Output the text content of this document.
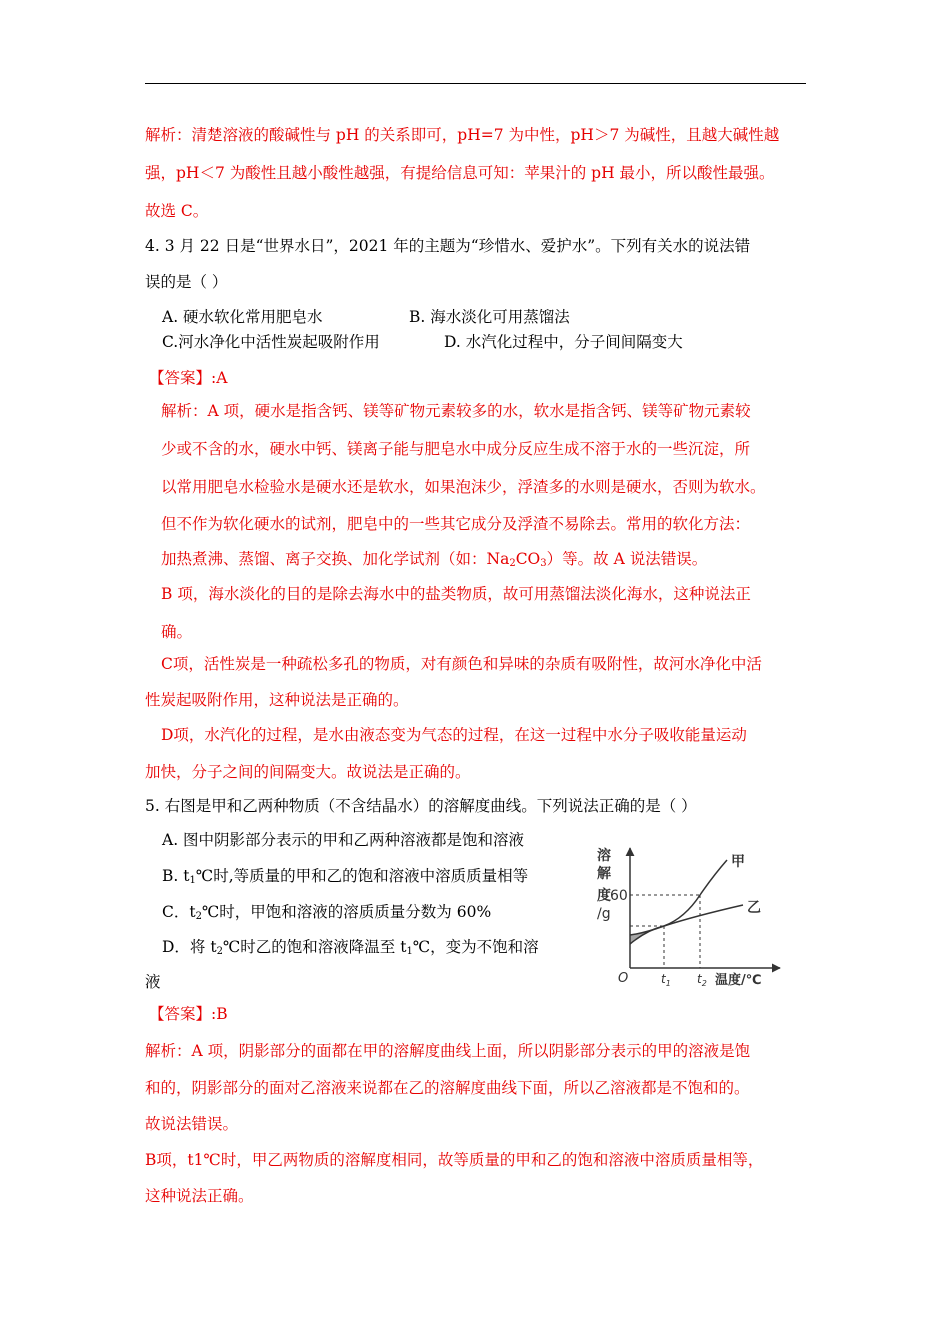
解析：清楚溶液的酸碱性与 pH 的关系即可，pH=7 为中性，pH＞7 为碱性，且越大碱性越
强，pH＜7 为酸性且越小酸性越强，有提给信息可知：苹果汁的 pH 最小，所以酸性最强。
故选 C。
4. 3 月 22 日是“世界水日”，2021 年的主题为“珍惜水、爱护水”。下列有关水的说法错
误的是（ ）
A. 硬水软化常用肥皂水	B. 海水淡化可用蒸馏法
C.河水净化中活性炭起吸附作用	D. 水汽化过程中，分子间间隔变大
【答案】:A
解析：A 项，硬水是指含钙、镁等矿物元素较多的水，软水是指含钙、镁等矿物元素较
少或不含的水，硬水中钙、镁离子能与肥皂水中成分反应生成不溶于水的一些沉淀，所
以常用肥皂水检验水是硬水还是软水，如果泡沫少，浮渣多的水则是硬水，否则为软水。
但不作为软化硬水的试剂，肥皂中的一些其它成分及浮渣不易除去。常用的软化方法：
加热煮沸、蒸馏、离子交换、加化学试剂（如：$Na_2CO_3$）等。故 A 说法错误。
B 项，海水淡化的目的是除去海水中的盐类物质，故可用蒸馏法淡化海水，这种说法正
确。
C项，活性炭是一种疏松多孔的物质，对有颜色和异味的杂质有吸附性，故河水净化中活
性炭起吸附作用，这种说法是正确的。
D项，水汽化的过程，是水由液态变为气态的过程，在这一过程中水分子吸收能量运动
加快，分子之间的间隔变大。故说法是正确的。
5. 右图是甲和乙两种物质（不含结晶水）的溶解度曲线。下列说法正确的是（ ）
A. 图中阴影部分表示的甲和乙两种溶液都是饱和溶液
B. $t_1℃$时,等质量的甲和乙的饱和溶液中溶质质量相等
C．$t_2℃$时，甲饱和溶液的溶质质量分数为 60%
D．将 $t_2℃$时乙的饱和溶液降温至 $t_1℃$，变为不饱和溶
液
溶
解
度 60
/g
O	$t_1$ $t_2$ 温度/℃
甲
乙
【答案】:B
解析：A 项，阴影部分的面都在甲的溶解度曲线上面，所以阴影部分表示的甲的溶液是饱
和的，阴影部分的面对乙溶液来说都在乙的溶解度曲线下面，所以乙溶液都是不饱和的。
故说法错误。
B项，t1℃时，甲乙两物质的溶解度相同，故等质量的甲和乙的饱和溶液中溶质质量相等，
这种说法正确。
